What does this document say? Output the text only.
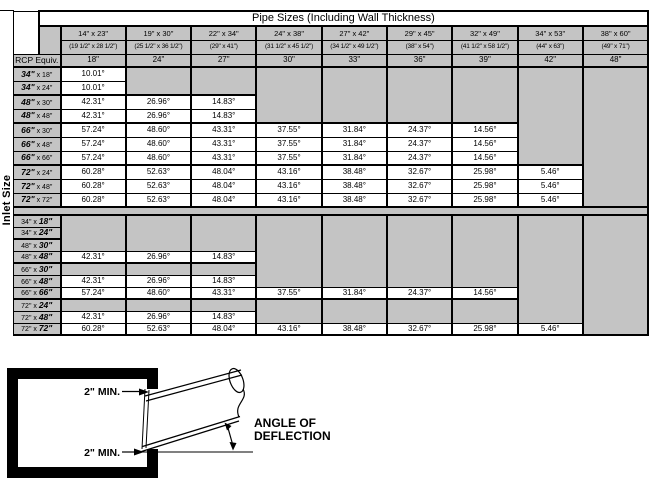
Inlet Size
	Pipe Sizes (Including Wall Thickness)									
		14" x 23"	19" x 30"	22" x 34"	24" x 38"	27" x 42"	29" x 45"	32" x 49"	34" x 53"	38" x 60"
		(19 1/2" x 28 1/2")	(25 1/2" x 36 1/2")	(29" x 41")	(31 1/2" x 45 1/2")	(34 1/2" x 49 1/2")	(38" x 54")	(41 1/2" x 58 1/2")	(44" x 63")	(49" x 71")
RCP Equiv.		18"	24"	27"	30"	33"	36"	39"	42"	48"
34" x 18"		10.01°								
34" x 24"		10.01°								
48" x 30"		42.31°	26.96°	14.83°						
48" x 48"		42.31°	26.96°	14.83°						
66" x 30"		57.24°	48.60°	43.31°	37.55°	31.84°	24.37°	14.56°		
66" x 48"		57.24°	48.60°	43.31°	37.55°	31.84°	24.37°	14.56°		
66" x 66"		57.24°	48.60°	43.31°	37.55°	31.84°	24.37°	14.56°		
72" x 24"		60.28°	52.63°	48.04°	43.16°	38.48°	32.67°	25.98°	5.46°	
72" x 48"		60.28°	52.63°	48.04°	43.16°	38.48°	32.67°	25.98°	5.46°	
72" x 72"		60.28°	52.63°	48.04°	43.16°	38.48°	32.67°	25.98°	5.46°	

34" x 18"										
34" x 24"										
48" x 30"										
48" x 48"		42.31°	26.96°	14.83°						
66" x 30"										
66" x 48"		42.31°	26.96°	14.83°						
66" x 66"		57.24°	48.60°	43.31°	37.55°	31.84°	24.37°	14.56°		
72" x 24"										
72" x 48"		42.31°	26.96°	14.83°						
72" x 72"		60.28°	52.63°	48.04°	43.16°	38.48°	32.67°	25.98°	5.46°	
2" MIN.
2" MIN.
ANGLE OF
DEFLECTION
